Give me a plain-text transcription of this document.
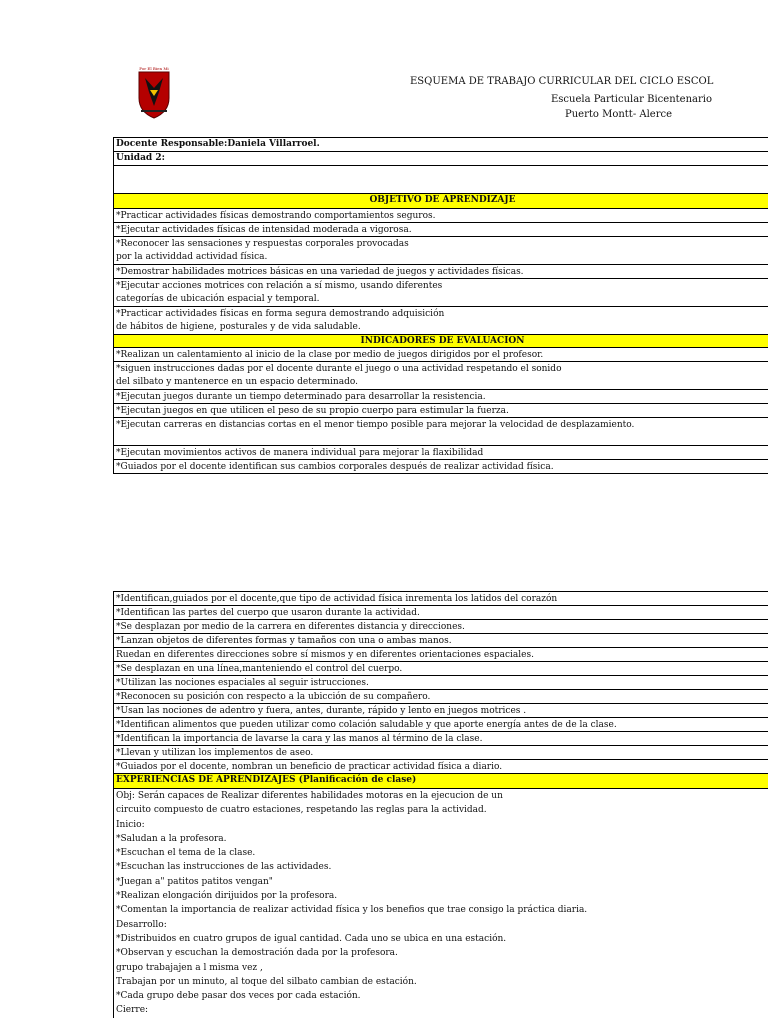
Por El Bien Mi
ESQUEMA DE TRABAJO CURRICULAR DEL CICLO ESCOL
Escuela Particular Bicentenario
Puerto Montt- Alerce
Docente Responsable:Daniela Villarroel.
Unidad 2:
OBJETIVO DE APRENDIZAJE
*Practicar actividades físicas demostrando comportamientos seguros.
*Ejecutar actividades físicas de intensidad moderada a vigorosa.
*Reconocer las sensaciones y respuestas corporales provocadas
por la actividdad actividad física.
*Demostrar habilidades motrices básicas en una variedad de juegos y actividades físicas.
*Ejecutar acciones motrices con relación a sí mismo, usando diferentes
categorías de ubicación espacial y temporal.
*Practicar actividades físicas en forma segura demostrando adquisición
de hábitos de higiene, posturales y de vida saludable.
INDICADORES DE EVALUACION
*Realizan un calentamiento al inicio de la clase por medio de juegos dirigidos por el profesor.
*siguen instrucciones dadas por el docente durante el juego o una actividad respetando el sonido
del silbato y mantenerce en un espacio determinado.
*Ejecutan juegos durante un tiempo determinado para desarrollar la resistencia.
*Ejecutan juegos en que utilicen el peso de su propio cuerpo para estimular la fuerza.
*Ejecutan carreras en distancias cortas en el menor tiempo posible para mejorar la velocidad de desplazamiento.
*Ejecutan movimientos activos de manera individual para mejorar la flaxibilidad
*Guiados por el docente identifican sus cambios corporales después de realizar actividad física.
*Identifican,guiados por el docente,que tipo de actividad física inrementa los latidos del corazón
*Identifican las partes del cuerpo que usaron durante la actividad.
*Se desplazan por medio de la carrera en diferentes distancia y direcciones.
*Lanzan objetos de diferentes formas y tamaños con una o ambas manos.
Ruedan en diferentes direcciones sobre sí mismos y en diferentes orientaciones espaciales.
*Se desplazan en una línea,manteniendo el control del cuerpo.
*Utilizan las nociones espaciales al seguir istrucciones.
*Reconocen su posición con respecto a la ubicción de su compañero.
*Usan las nociones de adentro y fuera, antes, durante, rápido y lento en juegos motrices .
*Identifican alimentos que pueden utilizar como colación saludable y que aporte energía antes de de la clase.
*Identifican la importancia de lavarse la cara y las manos al término de la clase.
*Llevan y utilizan los implementos de aseo.
*Guiados por el docente, nombran un beneficio de practicar actividad física a diario.
EXPERIENCIAS DE APRENDIZAJES (Planificación de clase)
Obj: Serán capaces de Realizar diferentes habilidades motoras en la ejecucion de un
circuito compuesto de cuatro estaciones, respetando las reglas para la actividad.
Inicio:
*Saludan a la profesora.
*Escuchan el tema de la clase.
*Escuchan las instrucciones de las actividades.
*Juegan a" patitos patitos vengan"
*Realizan elongación dirijuidos por la profesora.
*Comentan la importancia de realizar actividad física y los benefios que trae consigo la práctica diaria.
Desarrollo:
*Distribuidos en cuatro grupos de igual cantidad. Cada uno se ubica en una estación.
*Observan y escuchan la demostración dada por la profesora.
grupo trabajajen a l misma vez ,
Trabajan por un minuto, al toque del silbato cambian de estación.
*Cada grupo debe pasar dos veces por cada estación.
Cierre:
